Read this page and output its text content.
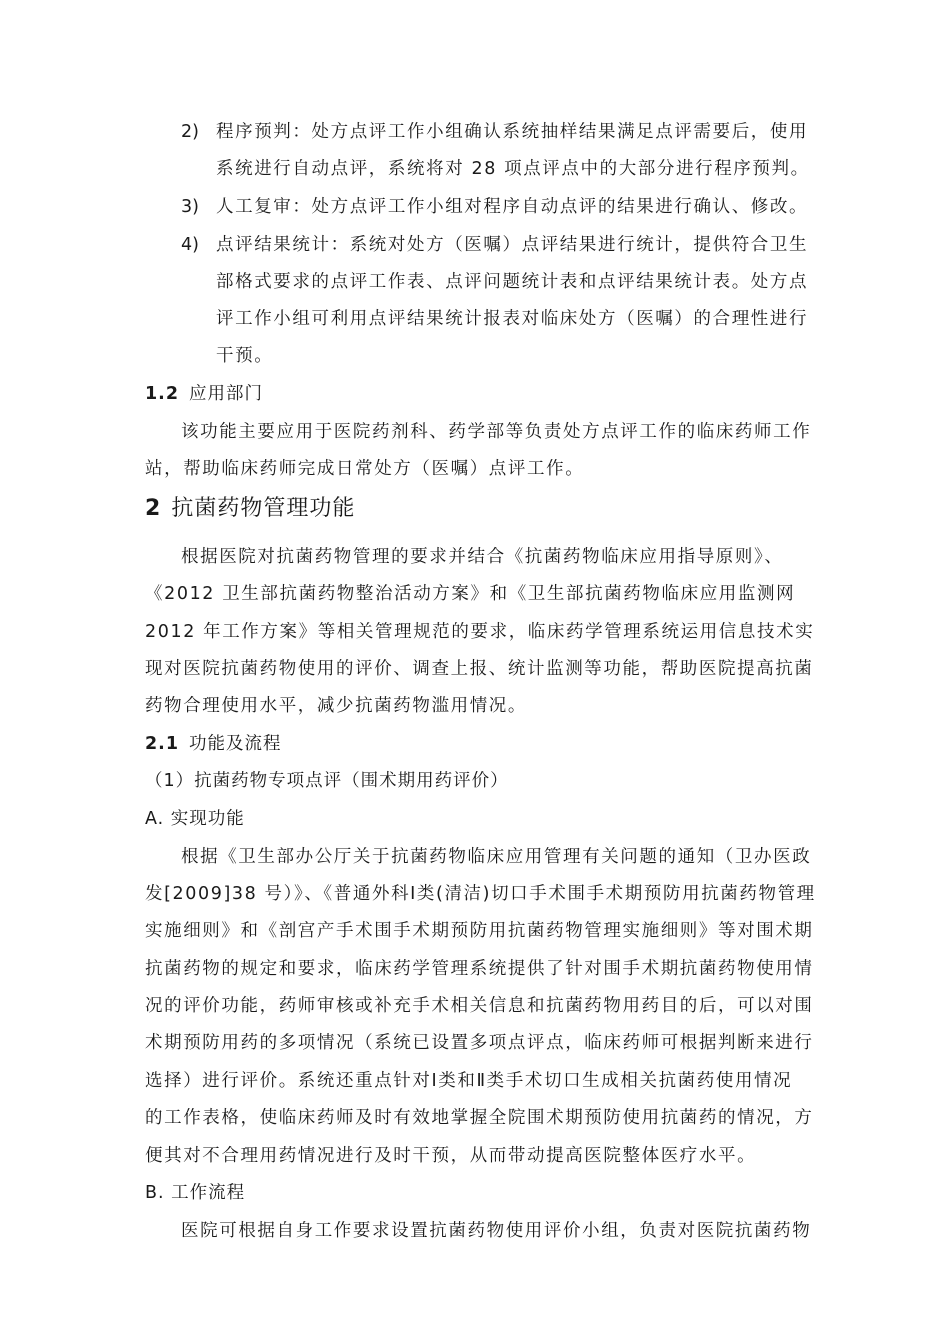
2) 程序预判：处方点评工作小组确认系统抽样结果满足点评需要后，使用
系统进行自动点评，系统将对 28 项点评点中的大部分进行程序预判。
3) 人工复审：处方点评工作小组对程序自动点评的结果进行确认、修改。
4) 点评结果统计：系统对处方（医嘱）点评结果进行统计，提供符合卫生
部格式要求的点评工作表、点评问题统计表和点评结果统计表。处方点
评工作小组可利用点评结果统计报表对临床处方（医嘱）的合理性进行
干预。
1.2 应用部门
该功能主要应用于医院药剂科、药学部等负责处方点评工作的临床药师工作
站，帮助临床药师完成日常处方（医嘱）点评工作。
2 抗菌药物管理功能
根据医院对抗菌药物管理的要求并结合《抗菌药物临床应用指导原则》、
《2012 卫生部抗菌药物整治活动方案》和《卫生部抗菌药物临床应用监测网
2012 年工作方案》等相关管理规范的要求，临床药学管理系统运用信息技术实
现对医院抗菌药物使用的评价、调查上报、统计监测等功能，帮助医院提高抗菌
药物合理使用水平，减少抗菌药物滥用情况。
2.1 功能及流程
（1）抗菌药物专项点评（围术期用药评价）
A. 实现功能
根据《卫生部办公厅关于抗菌药物临床应用管理有关问题的通知（卫办医政
发[2009]38 号）》、《普通外科Ⅰ类(清洁)切口手术围手术期预防用抗菌药物管理
实施细则》和《剖宫产手术围手术期预防用抗菌药物管理实施细则》等对围术期
抗菌药物的规定和要求，临床药学管理系统提供了针对围手术期抗菌药物使用情
况的评价功能，药师审核或补充手术相关信息和抗菌药物用药目的后，可以对围
术期预防用药的多项情况（系统已设置多项点评点，临床药师可根据判断来进行
选择）进行评价。系统还重点针对Ⅰ类和Ⅱ类手术切口生成相关抗菌药使用情况
的工作表格，使临床药师及时有效地掌握全院围术期预防使用抗菌药的情况，方
便其对不合理用药情况进行及时干预，从而带动提高医院整体医疗水平。
B. 工作流程
医院可根据自身工作要求设置抗菌药物使用评价小组，负责对医院抗菌药物
